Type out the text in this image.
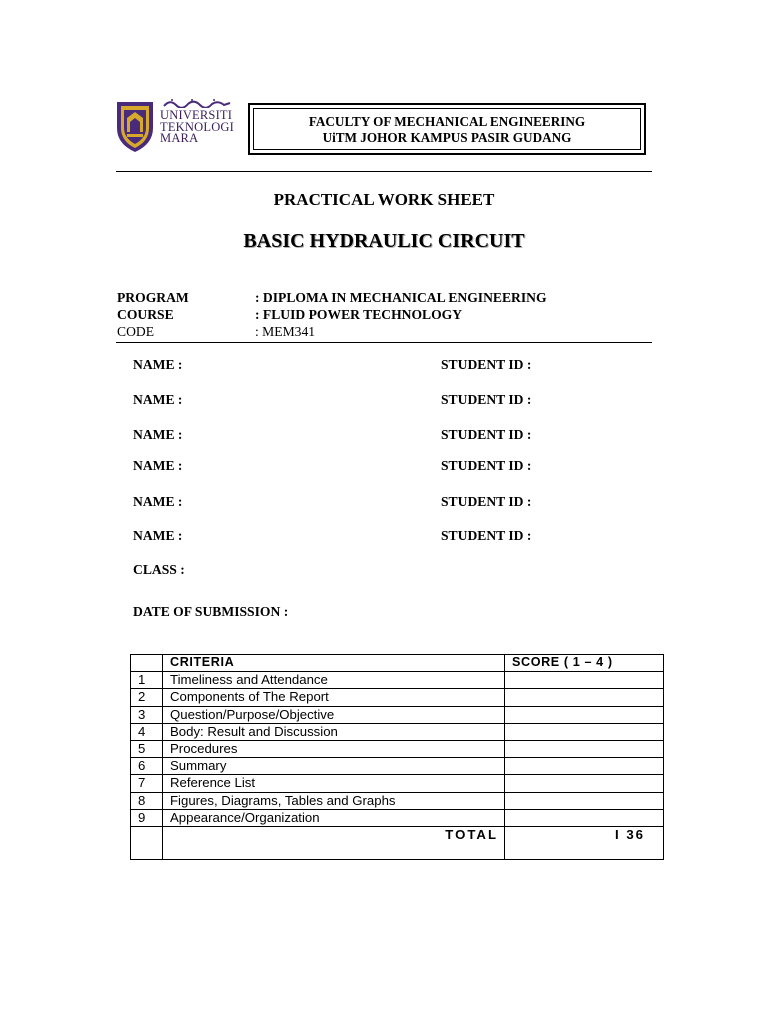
UNIVERSITI
TEKNOLOGI
MARA
FACULTY OF MECHANICAL ENGINEERING
UiTM JOHOR KAMPUS PASIR GUDANG
PRACTICAL WORK SHEET
BASIC HYDRAULIC CIRCUIT
PROGRAM	: DIPLOMA IN MECHANICAL ENGINEERING
COURSE	: FLUID POWER TECHNOLOGY
CODE	: MEM341
NAME :	STUDENT ID :
NAME :	STUDENT ID :
NAME :	STUDENT ID :
NAME :	STUDENT ID :
NAME :	STUDENT ID :
NAME :	STUDENT ID :
CLASS :
DATE OF SUBMISSION :
	CRITERIA	SCORE ( 1 – 4 )
1	Timeliness and Attendance	
2	Components of The Report	
3	Question/Purpose/Objective	
4	Body: Result and Discussion	
5	Procedures	
6	Summary	
7	Reference List	
8	Figures, Diagrams, Tables and Graphs	
9	Appearance/Organization	
	TOTAL	I 36
